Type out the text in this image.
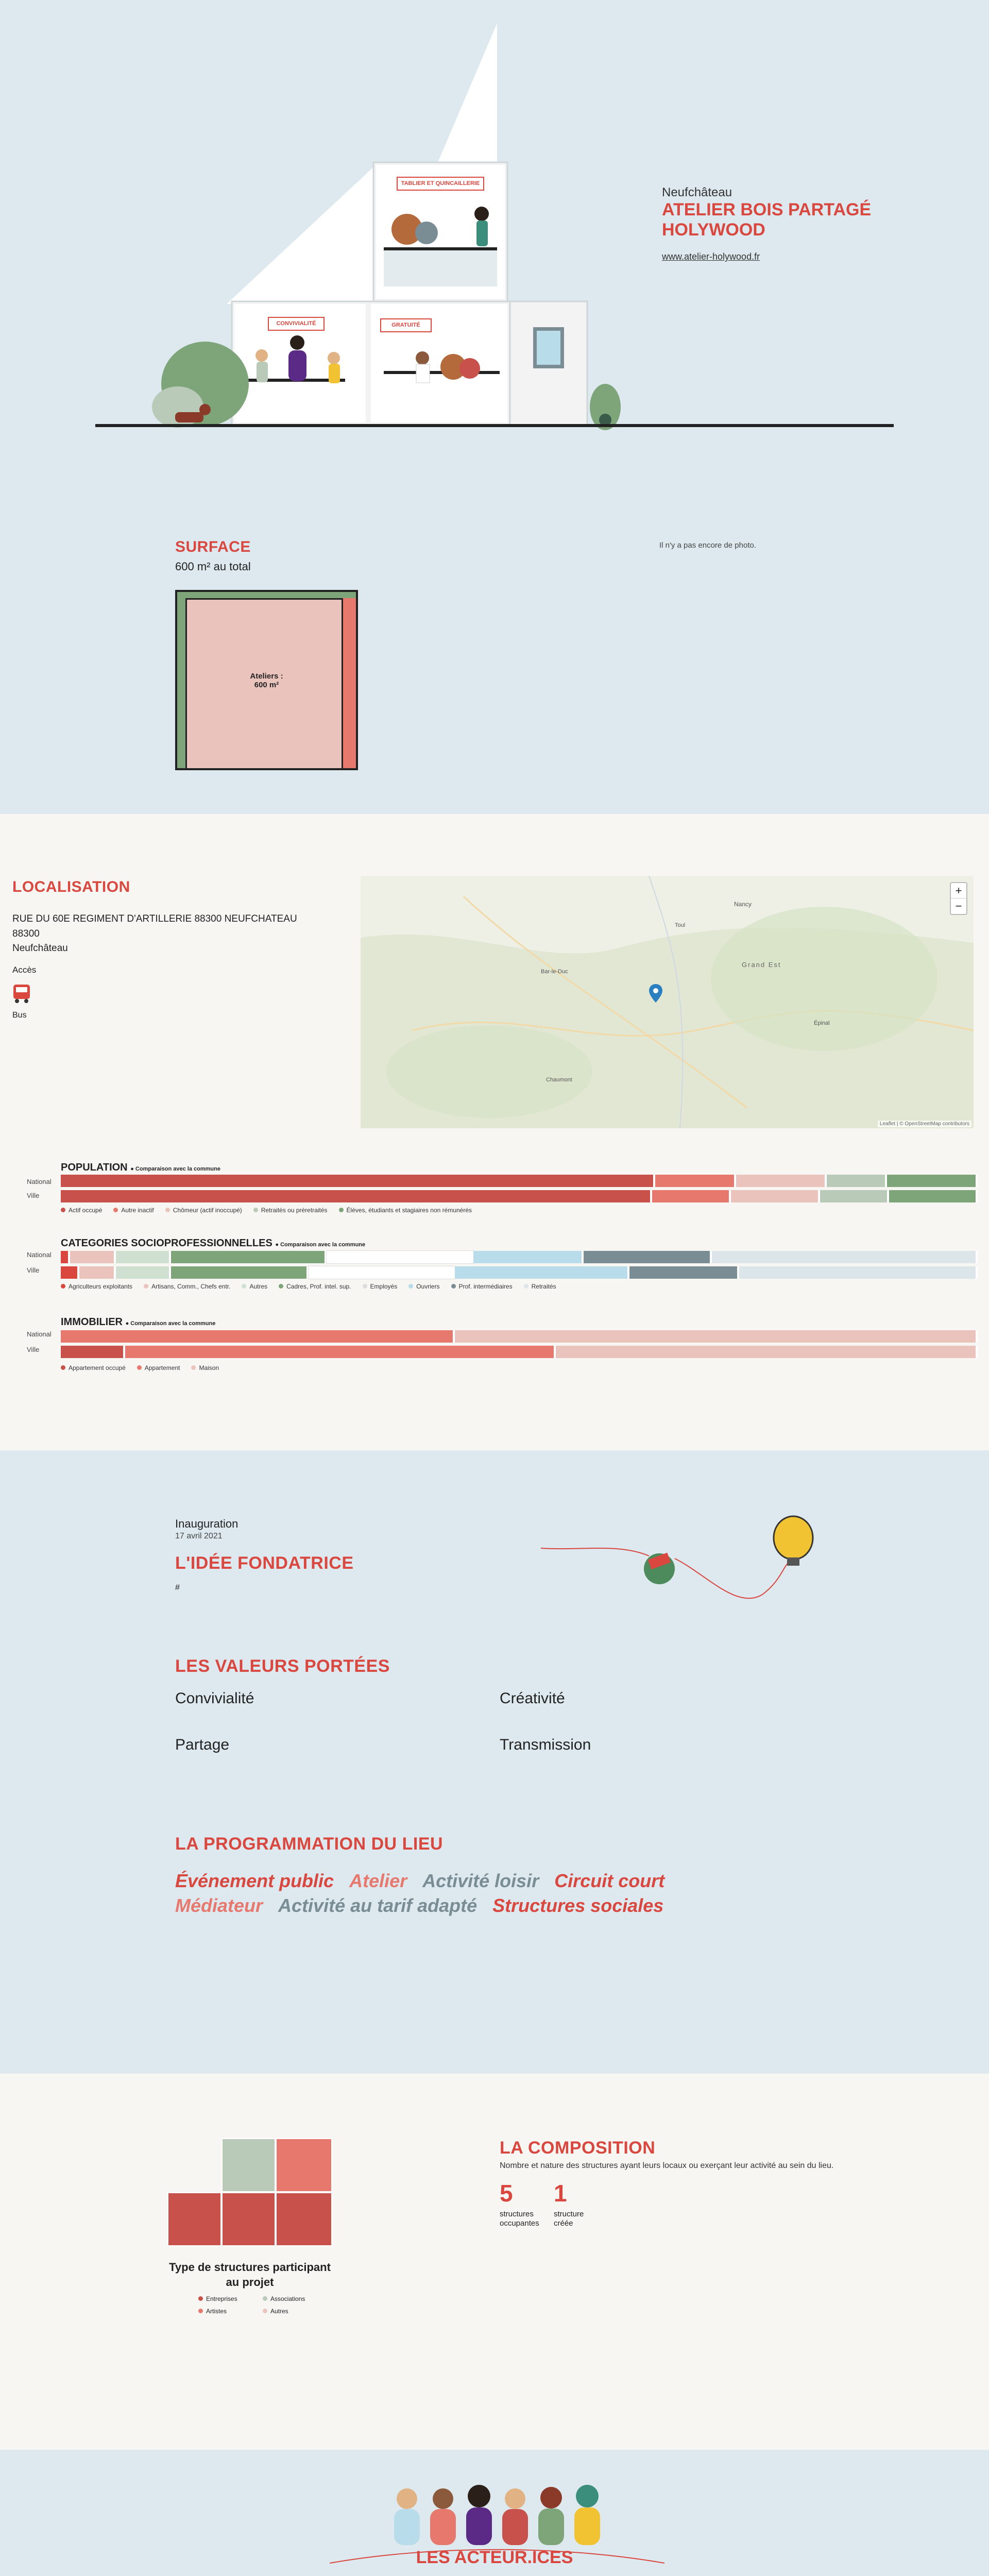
TABLIER ET QUINCAILLERIE
CONVIVIALITÉ	GRATUITÉ
Neufchâteau
ATELIER BOIS PARTAGÉ
HOLYWOOD
www.atelier-holywood.fr
SURFACE
600 m² au total
Il n'y a pas encore de photo.
Ateliers :
600 m²
LOCALISATION
RUE DU 60E REGIMENT D'ARTILLERIE 88300 NEUFCHATEAU
88300
Neufchâteau
Accès
Bus
Nancy
Grand Est
Toul
Épinal
Chaumont
Bar-le-Duc
+
−
Leaflet | © OpenStreetMap contributors
POPULATION ● Comparaison avec la commune
National
Ville
Actif occupé	Autre inactif	Chômeur (actif inoccupé)	Retraités ou préretraités	Élèves, étudiants et stagiaires non rémunérés
CATEGORIES SOCIOPROFESSIONNELLES ● Comparaison avec la commune
National
Ville
Agriculteurs exploitants	Artisans, Comm., Chefs entr.	Autres	Cadres, Prof. intel. sup.	Employés	Ouvriers	Prof. intermédiaires	Retraités
IMMOBILIER ● Comparaison avec la commune
National
Ville
Appartement occupé	Appartement	Maison
Inauguration
17 avril 2021
L'IDÉE FONDATRICE
#
LES VALEURS PORTÉES
Convivialité	Créativité
Partage	Transmission
LA PROGRAMMATION DU LIEU
Événement public Atelier Activité loisir Circuit court
Médiateur Activité au tarif adapté Structures sociales
Type de structures participant au projet
Entreprises	Associations
Artistes	Autres
LA COMPOSITION
Nombre et nature des structures ayant leurs locaux ou exerçant leur activité au sein du lieu.
5
structures occupantes
1
structure créée
LES ACTEUR.ICES
